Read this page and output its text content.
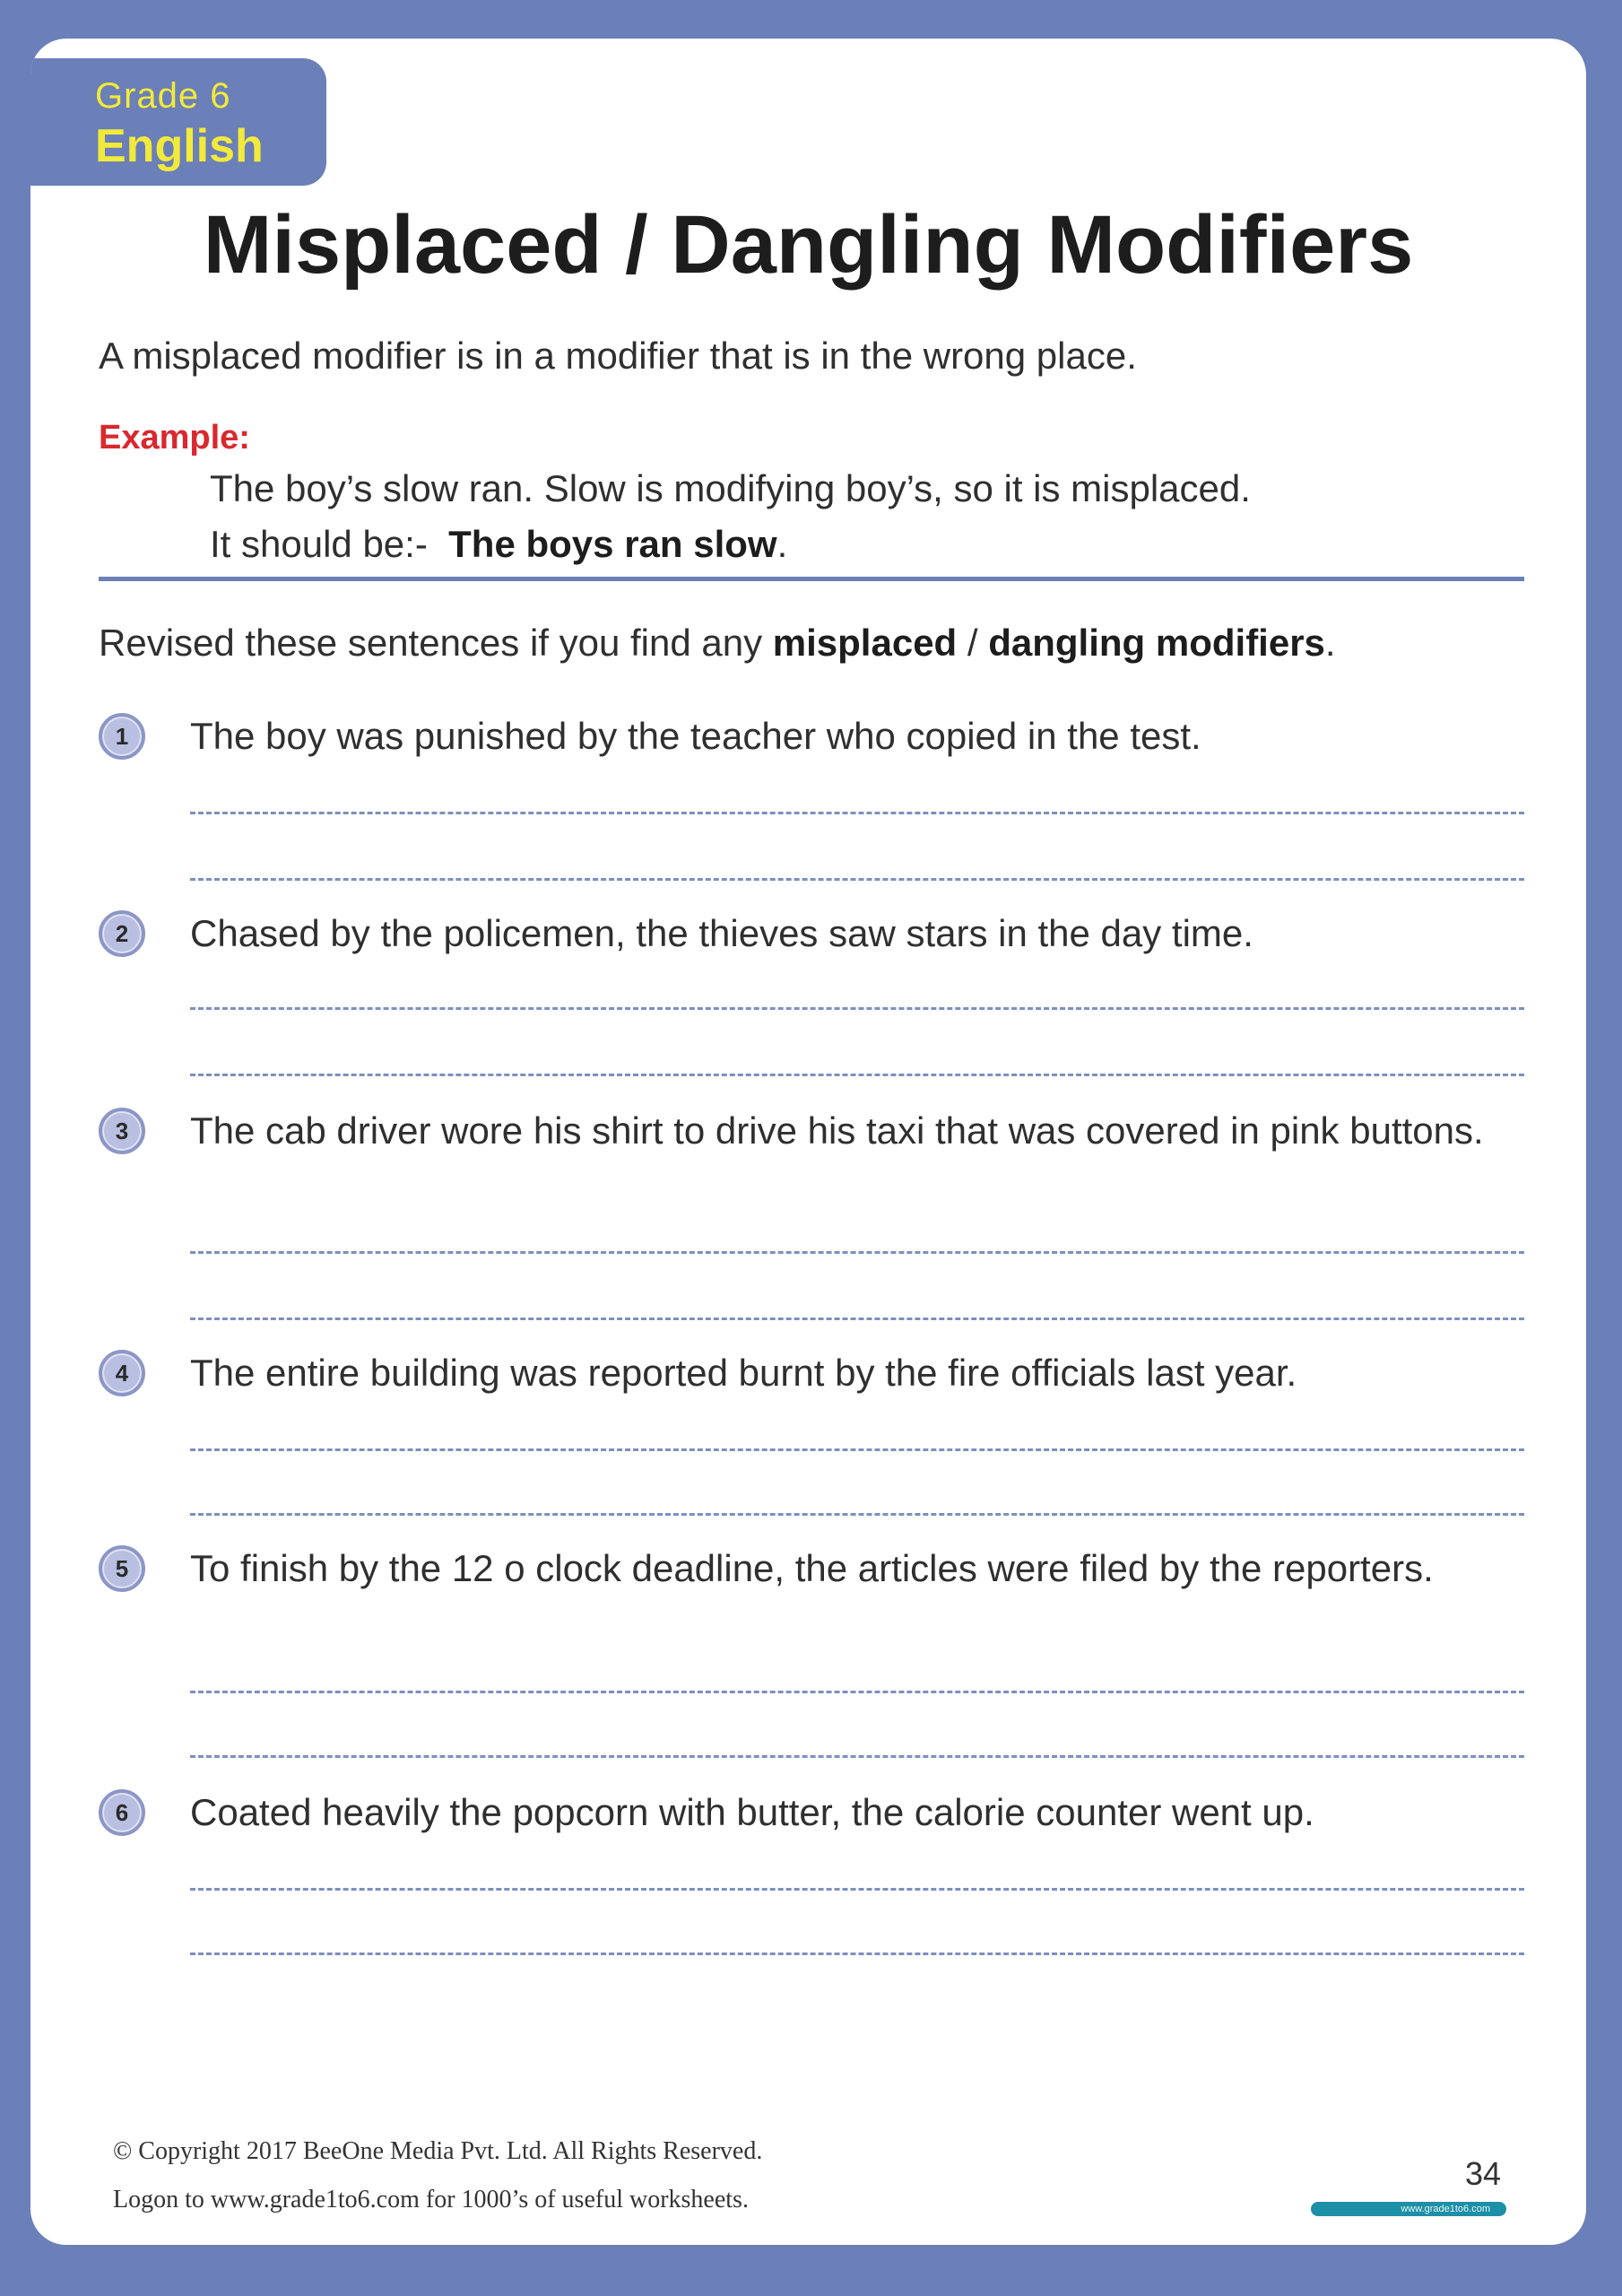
Grade 6
English
Misplaced / Dangling Modifiers
A misplaced modifier is in a modifier that is in the wrong place.
Example:
The boy’s slow ran. Slow is modifying boy’s, so it is misplaced.
It should be:- The boys ran slow.
Revised these sentences if you find any misplaced / dangling modifiers.
1	The boy was punished by the teacher who copied in the test.
2	Chased by the policemen, the thieves saw stars in the day time.
3	The cab driver wore his shirt to drive his taxi that was covered in pink buttons.
4	The entire building was reported burnt by the fire officials last year.
5	To finish by the 12 o clock deadline, the articles were filed by the reporters.
6	Coated heavily the popcorn with butter, the calorie counter went up.
© Copyright 2017 BeeOne Media Pvt. Ltd. All Rights Reserved.
Logon to www.grade1to6.com for 1000’s of useful worksheets.
34
www.grade1to6.com
